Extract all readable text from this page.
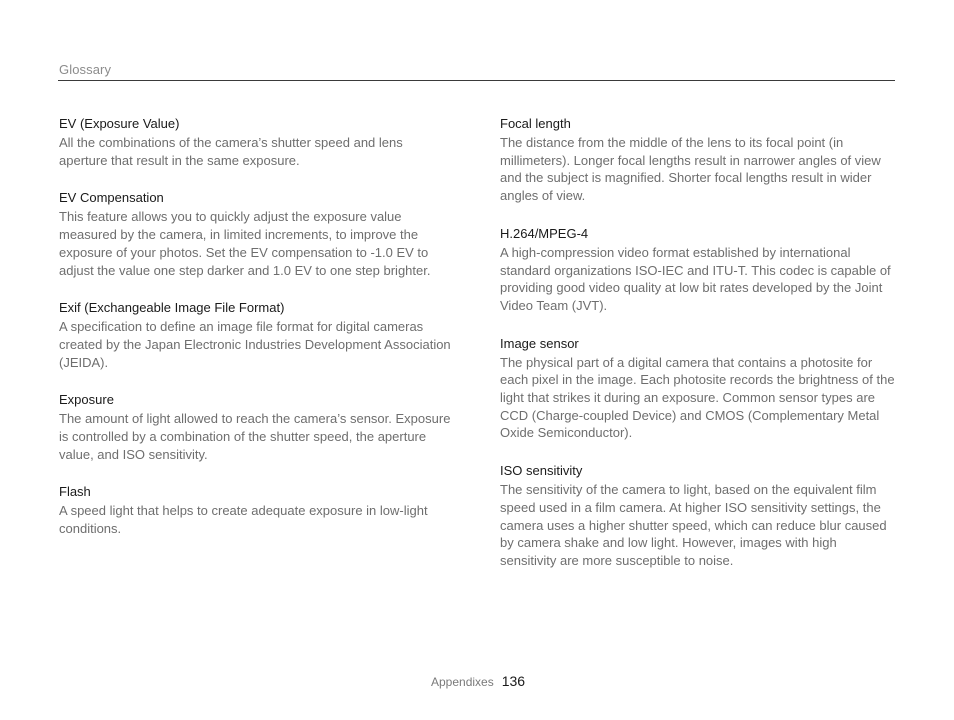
Glossary
EV (Exposure Value)
All the combinations of the camera’s shutter speed and lens aperture that result in the same exposure.
EV Compensation
This feature allows you to quickly adjust the exposure value measured by the camera, in limited increments, to improve the exposure of your photos. Set the EV compensation to -1.0 EV to adjust the value one step darker and 1.0 EV to one step brighter.
Exif (Exchangeable Image File Format)
A specification to define an image file format for digital cameras created by the Japan Electronic Industries Development Association (JEIDA).
Exposure
The amount of light allowed to reach the camera’s sensor. Exposure is controlled by a combination of the shutter speed, the aperture value, and ISO sensitivity.
Flash
A speed light that helps to create adequate exposure in low-light conditions.
Focal length
The distance from the middle of the lens to its focal point (in millimeters). Longer focal lengths result in narrower angles of view and the subject is magnified. Shorter focal lengths result in wider angles of view.
H.264/MPEG-4
A high-compression video format established by international standard organizations ISO-IEC and ITU-T. This codec is capable of providing good video quality at low bit rates developed by the Joint Video Team (JVT).
Image sensor
The physical part of a digital camera that contains a photosite for each pixel in the image. Each photosite records the brightness of the light that strikes it during an exposure. Common sensor types are CCD (Charge-coupled Device) and CMOS (Complementary Metal Oxide Semiconductor).
ISO sensitivity
The sensitivity of the camera to light, based on the equivalent film speed used in a film camera. At higher ISO sensitivity settings, the camera uses a higher shutter speed, which can reduce blur caused by camera shake and low light. However, images with high sensitivity are more susceptible to noise.
Appendixes 136
